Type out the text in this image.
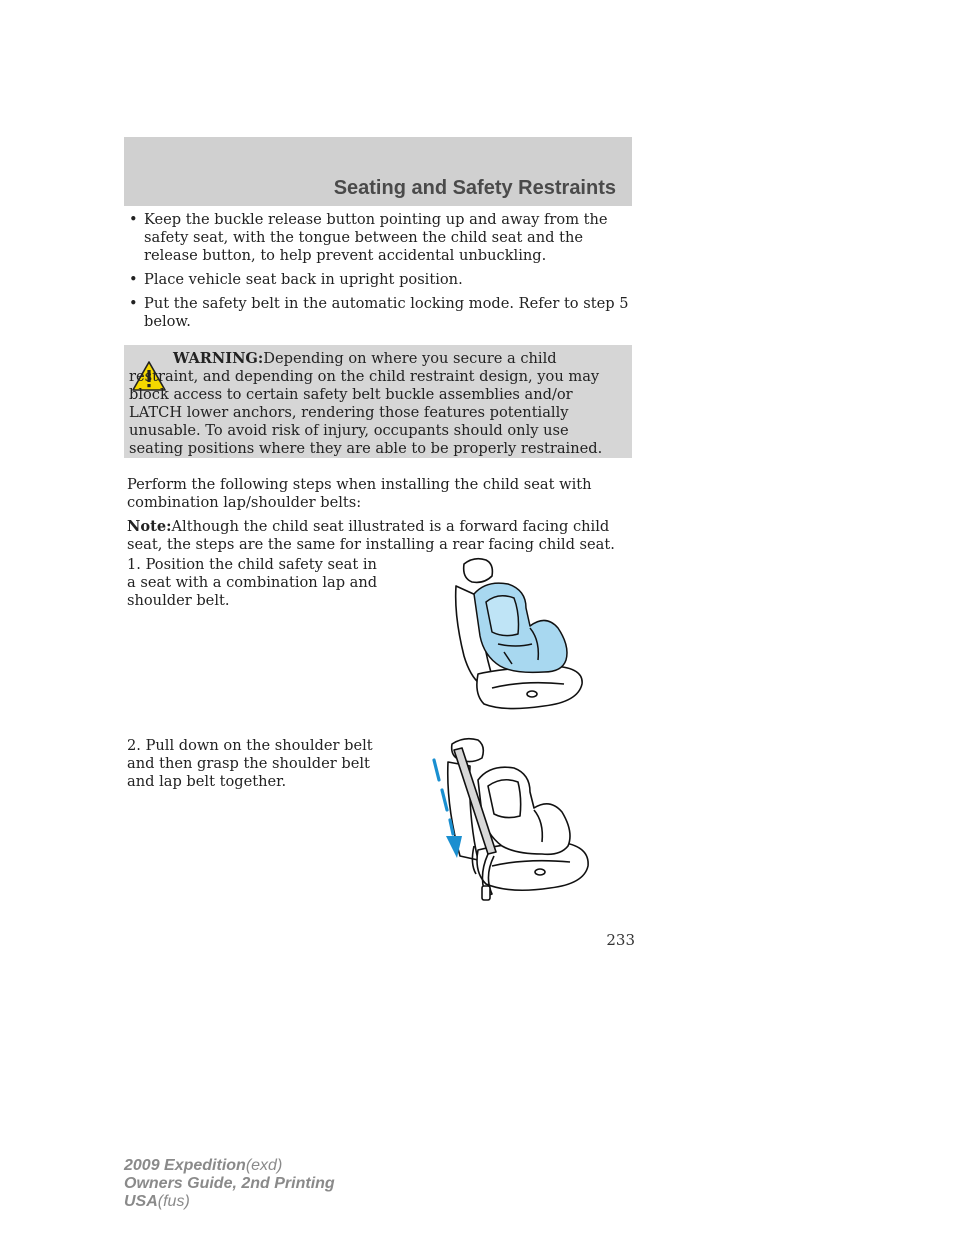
Seating and Safety Restraints
• Keep the buckle release button pointing up and away from the safety seat, with the tongue between the child seat and the release button, to help prevent accidental unbuckling.
• Place vehicle seat back in upright position.
• Put the safety belt in the automatic locking mode. Refer to step 5 below.
WARNING:Depending on where you secure a child restraint, and depending on the child restraint design, you may block access to certain safety belt buckle assemblies and/or LATCH lower anchors, rendering those features potentially unusable. To avoid risk of injury, occupants should only use seating positions where they are able to be properly restrained.
Perform the following steps when installing the child seat with combination lap/shoulder belts:
Note:Although the child seat illustrated is a forward facing child seat, the steps are the same for installing a rear facing child seat.
1. Position the child safety seat in a seat with a combination lap and shoulder belt.
2. Pull down on the shoulder belt and then grasp the shoulder belt and lap belt together.
233
2009 Expedition(exd)
Owners Guide, 2nd Printing
USA(fus)
